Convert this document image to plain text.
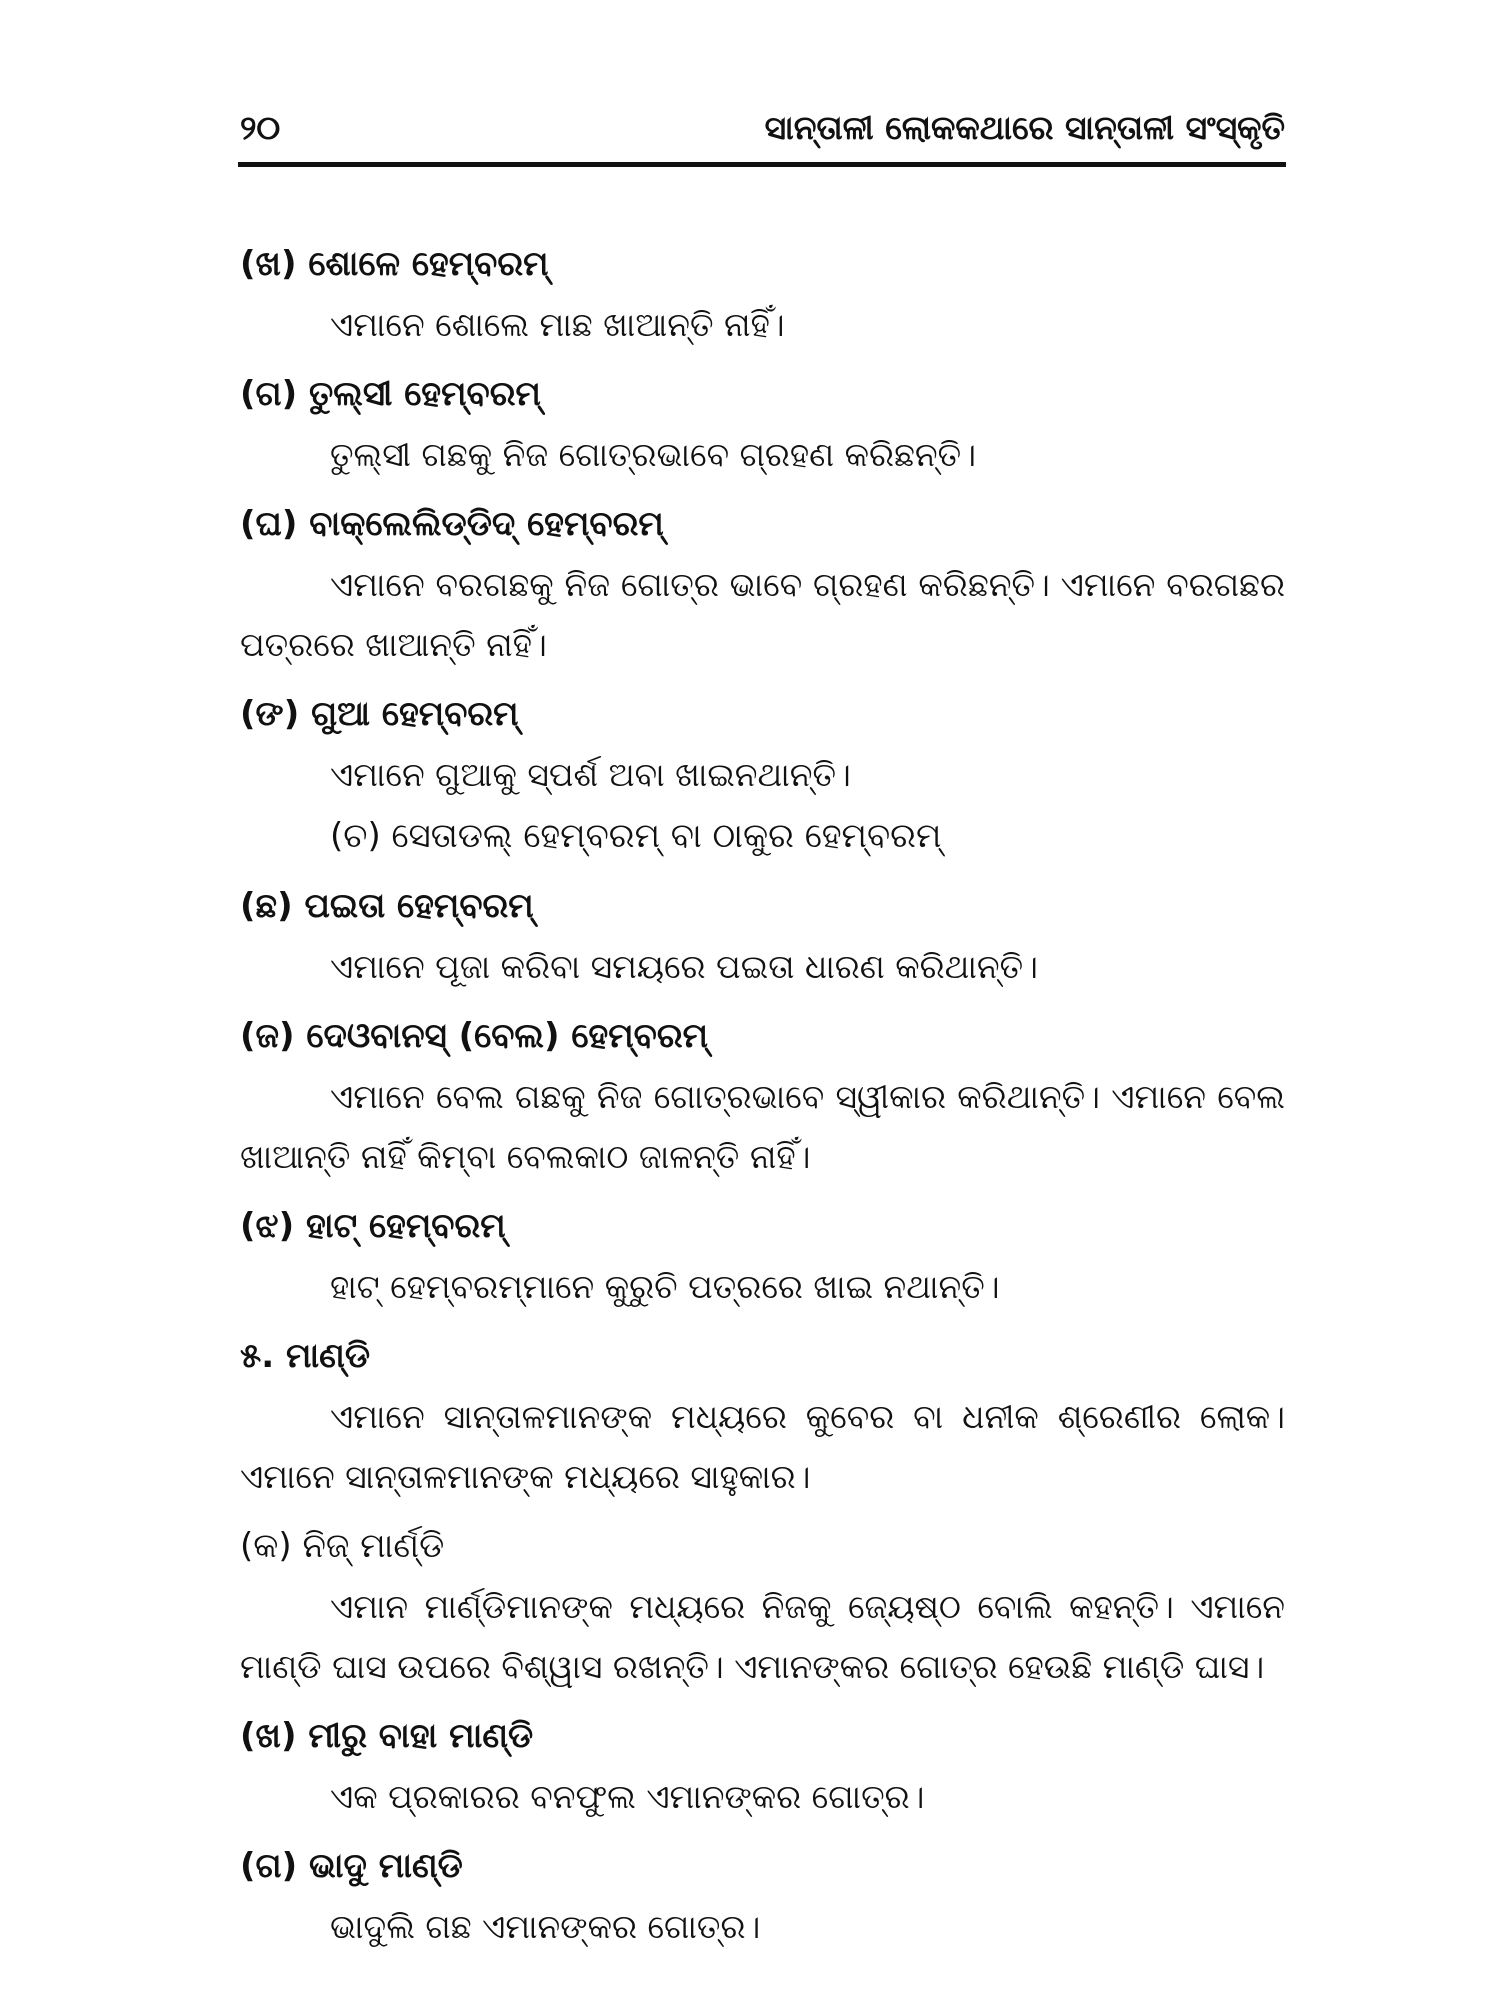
୨୦	ସାନ୍ତାଳୀ ଲୋକକଥାରେ ସାନ୍ତାଳୀ ସଂସ୍କୃତି
(ଖ) ଶୋଳେ ହେମ୍ବରମ୍
ଏମାନେ ଶୋଲେ ମାଛ ଖାଆନ୍ତି ନାହିଁ।
(ଗ) ତୁଲ୍‌ସୀ ହେମ୍ବରମ୍
ତୁଲ୍‌ସୀ ଗଛକୁ ନିଜ ଗୋତ୍ରଭାବେ ଗ୍ରହଣ କରିଛନ୍ତି।
(ଘ) ବାକ୍ଲେଲିଡ୍ଡିଦ୍ ହେମ୍ବରମ୍
ଏମାନେ ବରଗଛକୁ ନିଜ ଗୋତ୍ର ଭାବେ ଗ୍ରହଣ କରିଛନ୍ତି। ଏମାନେ ବରଗଛର ପତ୍ରରେ ଖାଆନ୍ତି ନାହିଁ।
(ଙ) ଗୁଆ ହେମ୍ବରମ୍
ଏମାନେ ଗୁଆକୁ ସ୍ପର୍ଶ ଅବା ଖାଇନଥାନ୍ତି।
(ଚ) ସେତାଡଲ୍ ହେମ୍ବରମ୍ ବା ଠାକୁର ହେମ୍ବରମ୍
(ଛ) ପଇତା ହେମ୍ବରମ୍
ଏମାନେ ପୂଜା କରିବା ସମୟରେ ପଇତା ଧାରଣ କରିଥାନ୍ତି।
(ଜ) ଦେଓବାନସ୍ (ବେଲ) ହେମ୍ବରମ୍
ଏମାନେ ବେଲ ଗଛକୁ ନିଜ ଗୋତ୍ରଭାବେ ସ୍ୱୀକାର କରିଥାନ୍ତି। ଏମାନେ ବେଲ ଖାଆନ୍ତି ନାହିଁ କିମ୍ବା ବେଲକାଠ ଜାଳନ୍ତି ନାହିଁ।
(ଝ) ହାଟ୍ ହେମ୍ବରମ୍
ହାଟ୍ ହେମ୍ବରମ୍‌ମାନେ କୁରୁଚି ପତ୍ରରେ ଖାଇ ନଥାନ୍ତି।
୫. ମାଣ୍ଡି
ଏମାନେ ସାନ୍ତାଳମାନଙ୍କ ମଧ୍ୟରେ କୁବେର ବା ଧନୀକ ଶ୍ରେଣୀର ଲୋକ। ଏମାନେ ସାନ୍ତାଳମାନଙ୍କ ମଧ୍ୟରେ ସାହୁକାର।
(କ) ନିଜ୍ ମାର୍ଣ୍ଡି
ଏମାନ ମାର୍ଣ୍ଡିମାନଙ୍କ ମଧ୍ୟରେ ନିଜକୁ ଜ୍ୟେଷ୍ଠ ବୋଲି କହନ୍ତି। ଏମାନେ ମାଣ୍ଡି ଘାସ ଉପରେ ବିଶ୍ୱାସ ରଖନ୍ତି। ଏମାନଙ୍କର ଗୋତ୍ର ହେଉଛି ମାଣ୍ଡି ଘାସ।
(ଖ) ମୀରୁ ବାହା ମାଣ୍ଡି
ଏକ ପ୍ରକାରର ବନଫୁଲ ଏମାନଙ୍କର ଗୋତ୍ର।
(ଗ) ଭାଦୁ ମାଣ୍ଡି
ଭାଦୁଲି ଗଛ ଏମାନଙ୍କର ଗୋତ୍ର।
